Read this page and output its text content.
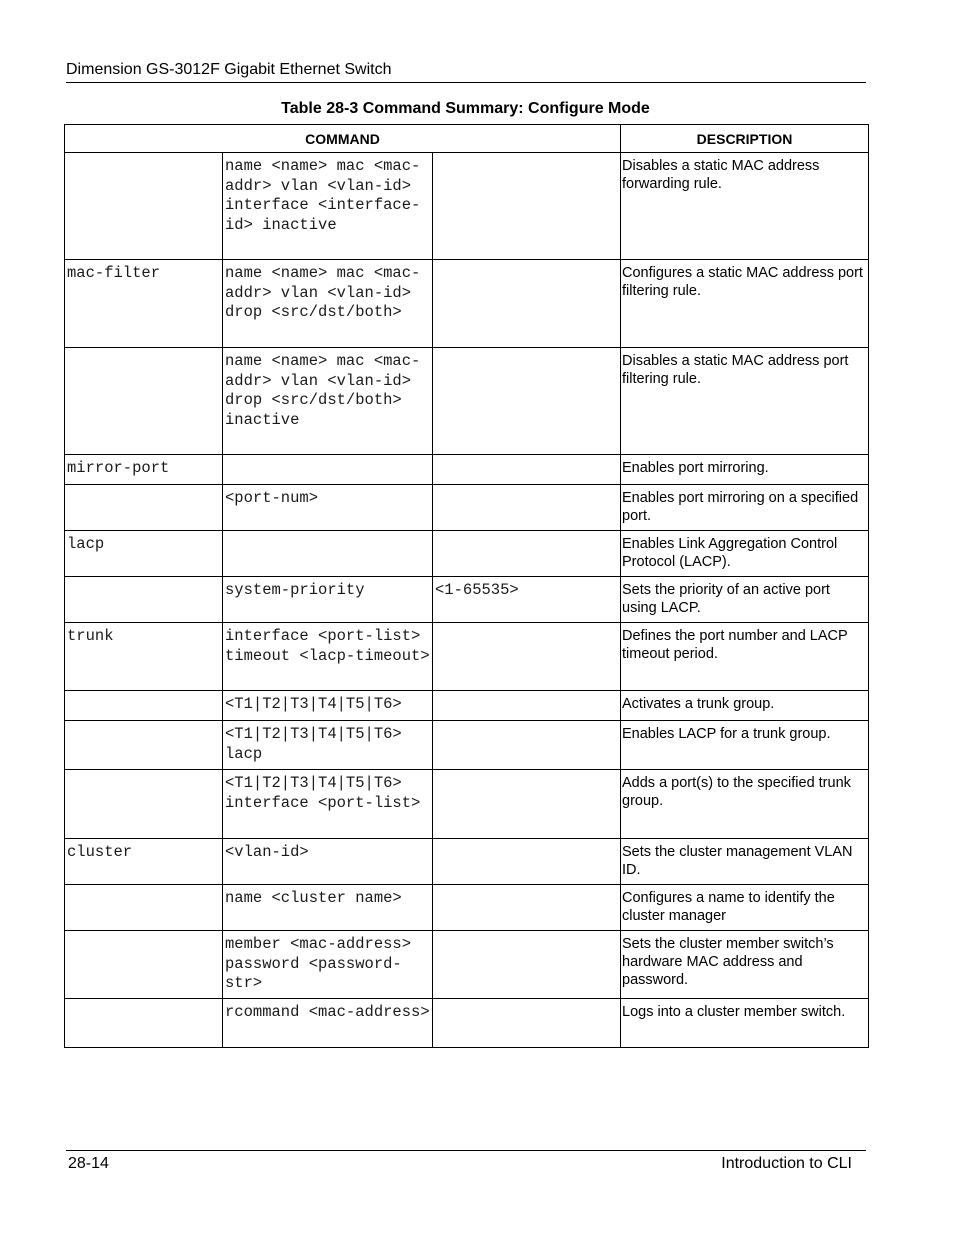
Dimension GS-3012F Gigabit Ethernet Switch
Table 28-3 Command Summary: Configure Mode
COMMAND			DESCRIPTION
	name <name> mac <mac-addr> vlan <vlan-id> interface <interface-id> inactive		Disables a static MAC address forwarding rule.
mac-filter	name <name> mac <mac-addr> vlan <vlan-id> drop <src/dst/both>		Configures a static MAC address port filtering rule.
	name <name> mac <mac-addr> vlan <vlan-id> drop <src/dst/both> inactive		Disables a static MAC address port filtering rule.
mirror-port			Enables port mirroring.
	<port-num>		Enables port mirroring on a specified port.
lacp			Enables Link Aggregation Control Protocol (LACP).
	system-priority	<1-65535>	Sets the priority of an active port using LACP.
trunk	interface <port-list> timeout <lacp-timeout>		Defines the port number and LACP timeout period.
	<T1|T2|T3|T4|T5|T6>		Activates a trunk group.
	<T1|T2|T3|T4|T5|T6> lacp		Enables LACP for a trunk group.
	<T1|T2|T3|T4|T5|T6> interface <port-list>		Adds a port(s) to the specified trunk group.
cluster	<vlan-id>		Sets the cluster management VLAN ID.
	name <cluster name>		Configures a name to identify the cluster manager
	member <mac-address> password <password-str>		Sets the cluster member switch’s hardware MAC address and password.
	rcommand <mac-address>		Logs into a cluster member switch.
28-14	Introduction to CLI
